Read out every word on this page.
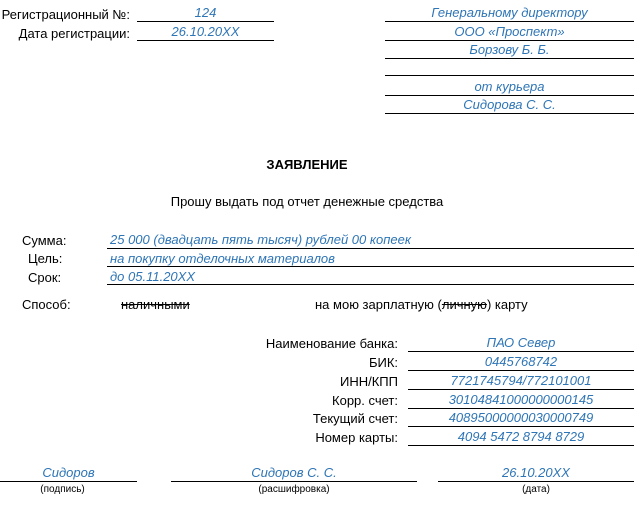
Регистрационный №:	124
Дата регистрации:	26.10.20XX
Генеральному директору
ООО «Проспект»
Борзову Б. Б.
от курьера
Сидорова С. С.
ЗАЯВЛЕНИЕ
Прошу выдать под отчет денежные средства
Сумма:	25 000 (двадцать пять тысяч) рублей 00 копеек
Цель:	на покупку отделочных материалов
Срок:	до 05.11.20XX
Способ:	наличными	на мою зарплатную (личную) карту
Наименование банка:	ПАО Север
БИК:	0445768742
ИНН/КПП	7721745794/772101001
Корр. счет:	30104841000000000145
Текущий счет:	40895000000030000749
Номер карты:	4094 5472 8794 8729
Сидоров
(подпись)
Сидоров С. С.
(расшифровка)
26.10.20XX
(дата)
